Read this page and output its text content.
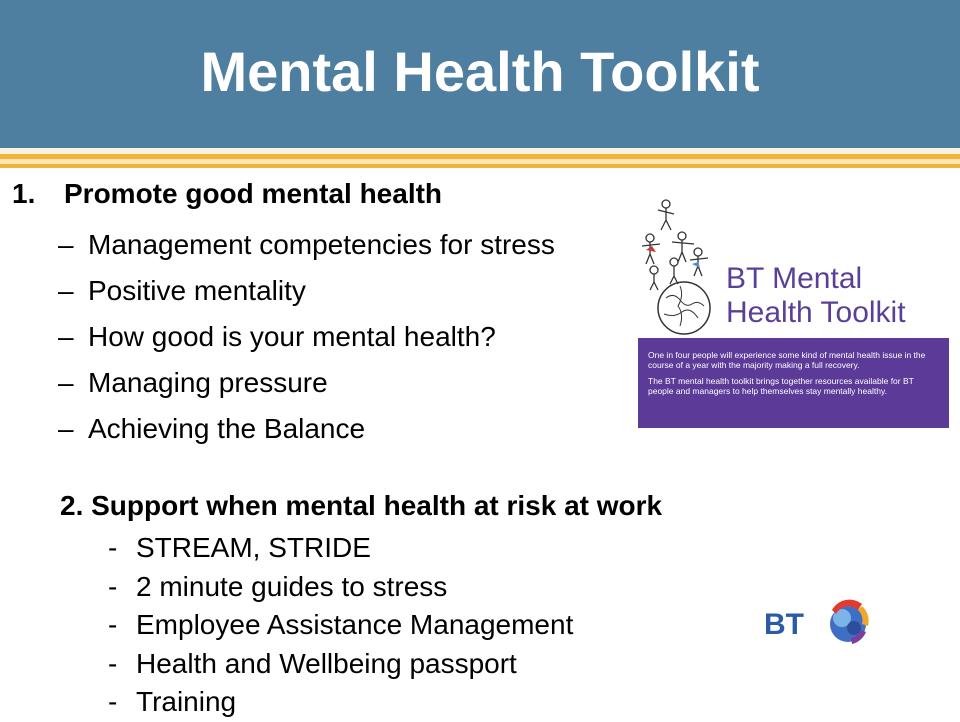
Mental Health Toolkit
1. Promote good mental health
– Management competencies for stress
– Positive mentality
– How good is your mental health?
– Managing pressure
– Achieving the Balance
2. Support when mental health at risk at work
- STREAM, STRIDE
- 2 minute guides to stress
- Employee Assistance Management
- Health and Wellbeing passport
- Training
BT Mental
Health Toolkit

One in four people will experience some kind of mental health issue in the course of a year with the majority making a full recovery.

The BT mental health toolkit brings together resources available for BT people and managers to help themselves stay mentally healthy.

BT
